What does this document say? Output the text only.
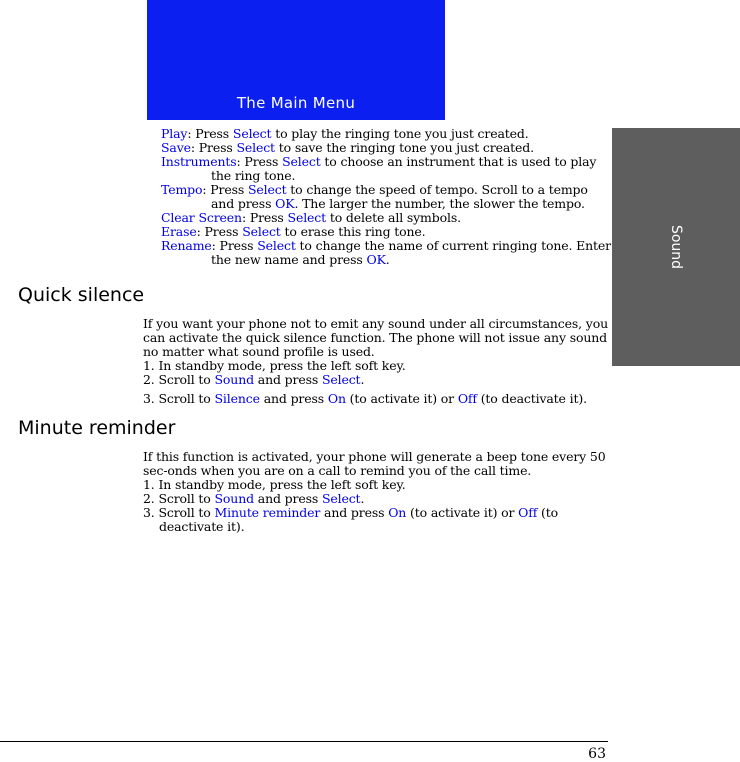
The Main Menu
Sound
Play: Press Select to play the ringing tone you just created.
Save: Press Select to save the ringing tone you just created.
Instruments: Press Select to choose an instrument that is used to play the ring tone.
Tempo: Press Select to change the speed of tempo. Scroll to a tempo and press OK. The larger the number, the slower the tempo.
Clear Screen: Press Select to delete all symbols.
Erase: Press Select to erase this ring tone.
Rename: Press Select to change the name of current ringing tone. Enter the new name and press OK.
Quick silence

If you want your phone not to emit any sound under all circumstances, you can activate the quick silence function. The phone will not issue any sound no matter what sound profile is used.

1. In standby mode, press the left soft key.

2. Scroll to Sound and press Select.

3. Scroll to Silence and press On (to activate it) or Off (to deactivate it).

Minute reminder

If this function is activated, your phone will generate a beep tone every 50 sec-onds when you are on a call to remind you of the call time.

1. In standby mode, press the left soft key.

2. Scroll to Sound and press Select.

3. Scroll to Minute reminder and press On (to activate it) or Off (to deactivate it).

63
